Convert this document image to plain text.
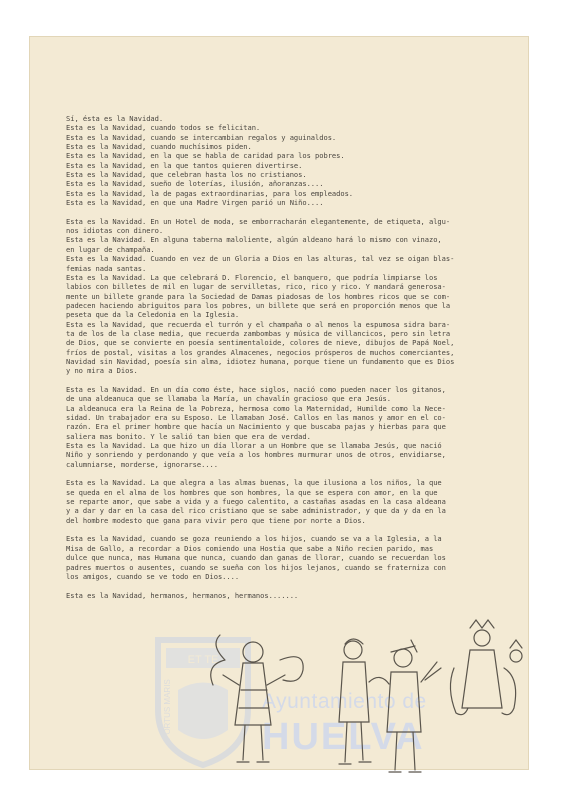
Sí, ésta es la Navidad.
Esta es la Navidad, cuando todos se felicitan.
Esta es la Navidad, cuando se intercambian regalos y aguinaldos.
Esta es la Navidad, cuando muchísimos piden.
Esta es la Navidad, en la que se habla de caridad para los pobres.
Esta es la Navidad, en la que tantos quieren divertirse.
Esta es la Navidad, que celebran hasta los no cristianos.
Esta es la Navidad, sueño de loterías, ilusión, añoranzas....
Esta es la Navidad, la de pagas extraordinarias, para los empleados.
Esta es la Navidad, en que una Madre Virgen parió un Niño....

Esta es la Navidad. En un Hotel de moda, se emborracharán elegantemente, de etiqueta, algu-
nos idiotas con dinero.
Esta es la Navidad. En alguna taberna maloliente, algún aldeano hará lo mismo con vinazo,
en lugar de champaña.
Esta es la Navidad. Cuando en vez de un Gloria a Dios en las alturas, tal vez se oigan blas-
femias nada santas.
Esta es la Navidad. La que celebrará D. Florencio, el banquero, que podría limpiarse los
labios con billetes de mil en lugar de servilletas, rico, rico y rico. Y mandará generosa-
mente un billete grande para la Sociedad de Damas piadosas de los hombres ricos que se com-
padecen haciendo abriguitos para los pobres, un billete que será en proporción menos que la
peseta que da la Celedonia en la Iglesia.
Esta es la Navidad, que recuerda el turrón y el champaña o al menos la espumosa sidra bara-
ta de los de la clase media, que recuerda zambombas y música de villancicos, pero sin letra
de Dios, que se convierte en poesía sentimentaloide, colores de nieve, dibujos de Papá Noel,
fríos de postal, visitas a los grandes Almacenes, negocios prósperos de muchos comerciantes,
Navidad sin Navidad, poesía sin alma, idiotez humana, porque tiene un fundamento que es Dios
y no mira a Dios.

Esta es la Navidad. En un día como éste, hace siglos, nació como pueden nacer los gitanos,
de una aldeanuca que se llamaba la María, un chavalín gracioso que era Jesús.
La aldeanuca era la Reina de la Pobreza, hermosa como la Maternidad, Humilde como la Nece-
sidad. Un trabajador era su Esposo. Le llamaban José. Callos en las manos y amor en el co-
razón. Era el primer hombre que hacía un Nacimiento y que buscaba pajas y hierbas para que
saliera mas bonito. Y le salió tan bien que era de verdad.
Esta es la Navidad. La que hizo un día llorar a un Hombre que se llamaba Jesús, que nació
Niño y sonriendo y perdonando y que veía a los hombres murmurar unos de otros, envidiarse,
calumniarse, morderse, ignorarse....

Esta es la Navidad. La que alegra a las almas buenas, la que ilusiona a los niños, la que
se queda en el alma de los hombres que son hombres, la que se espera con amor, en la que
se reparte amor, que sabe a vida y a fuego calentito, a castañas asadas en la casa aldeana
y a dar y dar en la casa del rico cristiano que se sabe administrador, y que da y da en la
del hombre modesto que gana para vivir pero que tiene por norte a Dios.

Esta es la Navidad, cuando se goza reuniendo a los hijos, cuando se va a la Iglesia, a la
Misa de Gallo, a recordar a Dios comiendo una Hostia que sabe a Niño recien parido, mas
dulce que nunca, mas Humana que nunca, cuando dan ganas de llorar, cuando se recuerdan los
padres muertos o ausentes, cuando se sueña con los hijos lejanos, cuando se fraterniza con
los amigos, cuando se ve todo en Dios....

Esta es la Navidad, hermanos, hermanos, hermanos.......

ET TE
PORTUS MARIS	Ayuntamiento de
HUELVA
